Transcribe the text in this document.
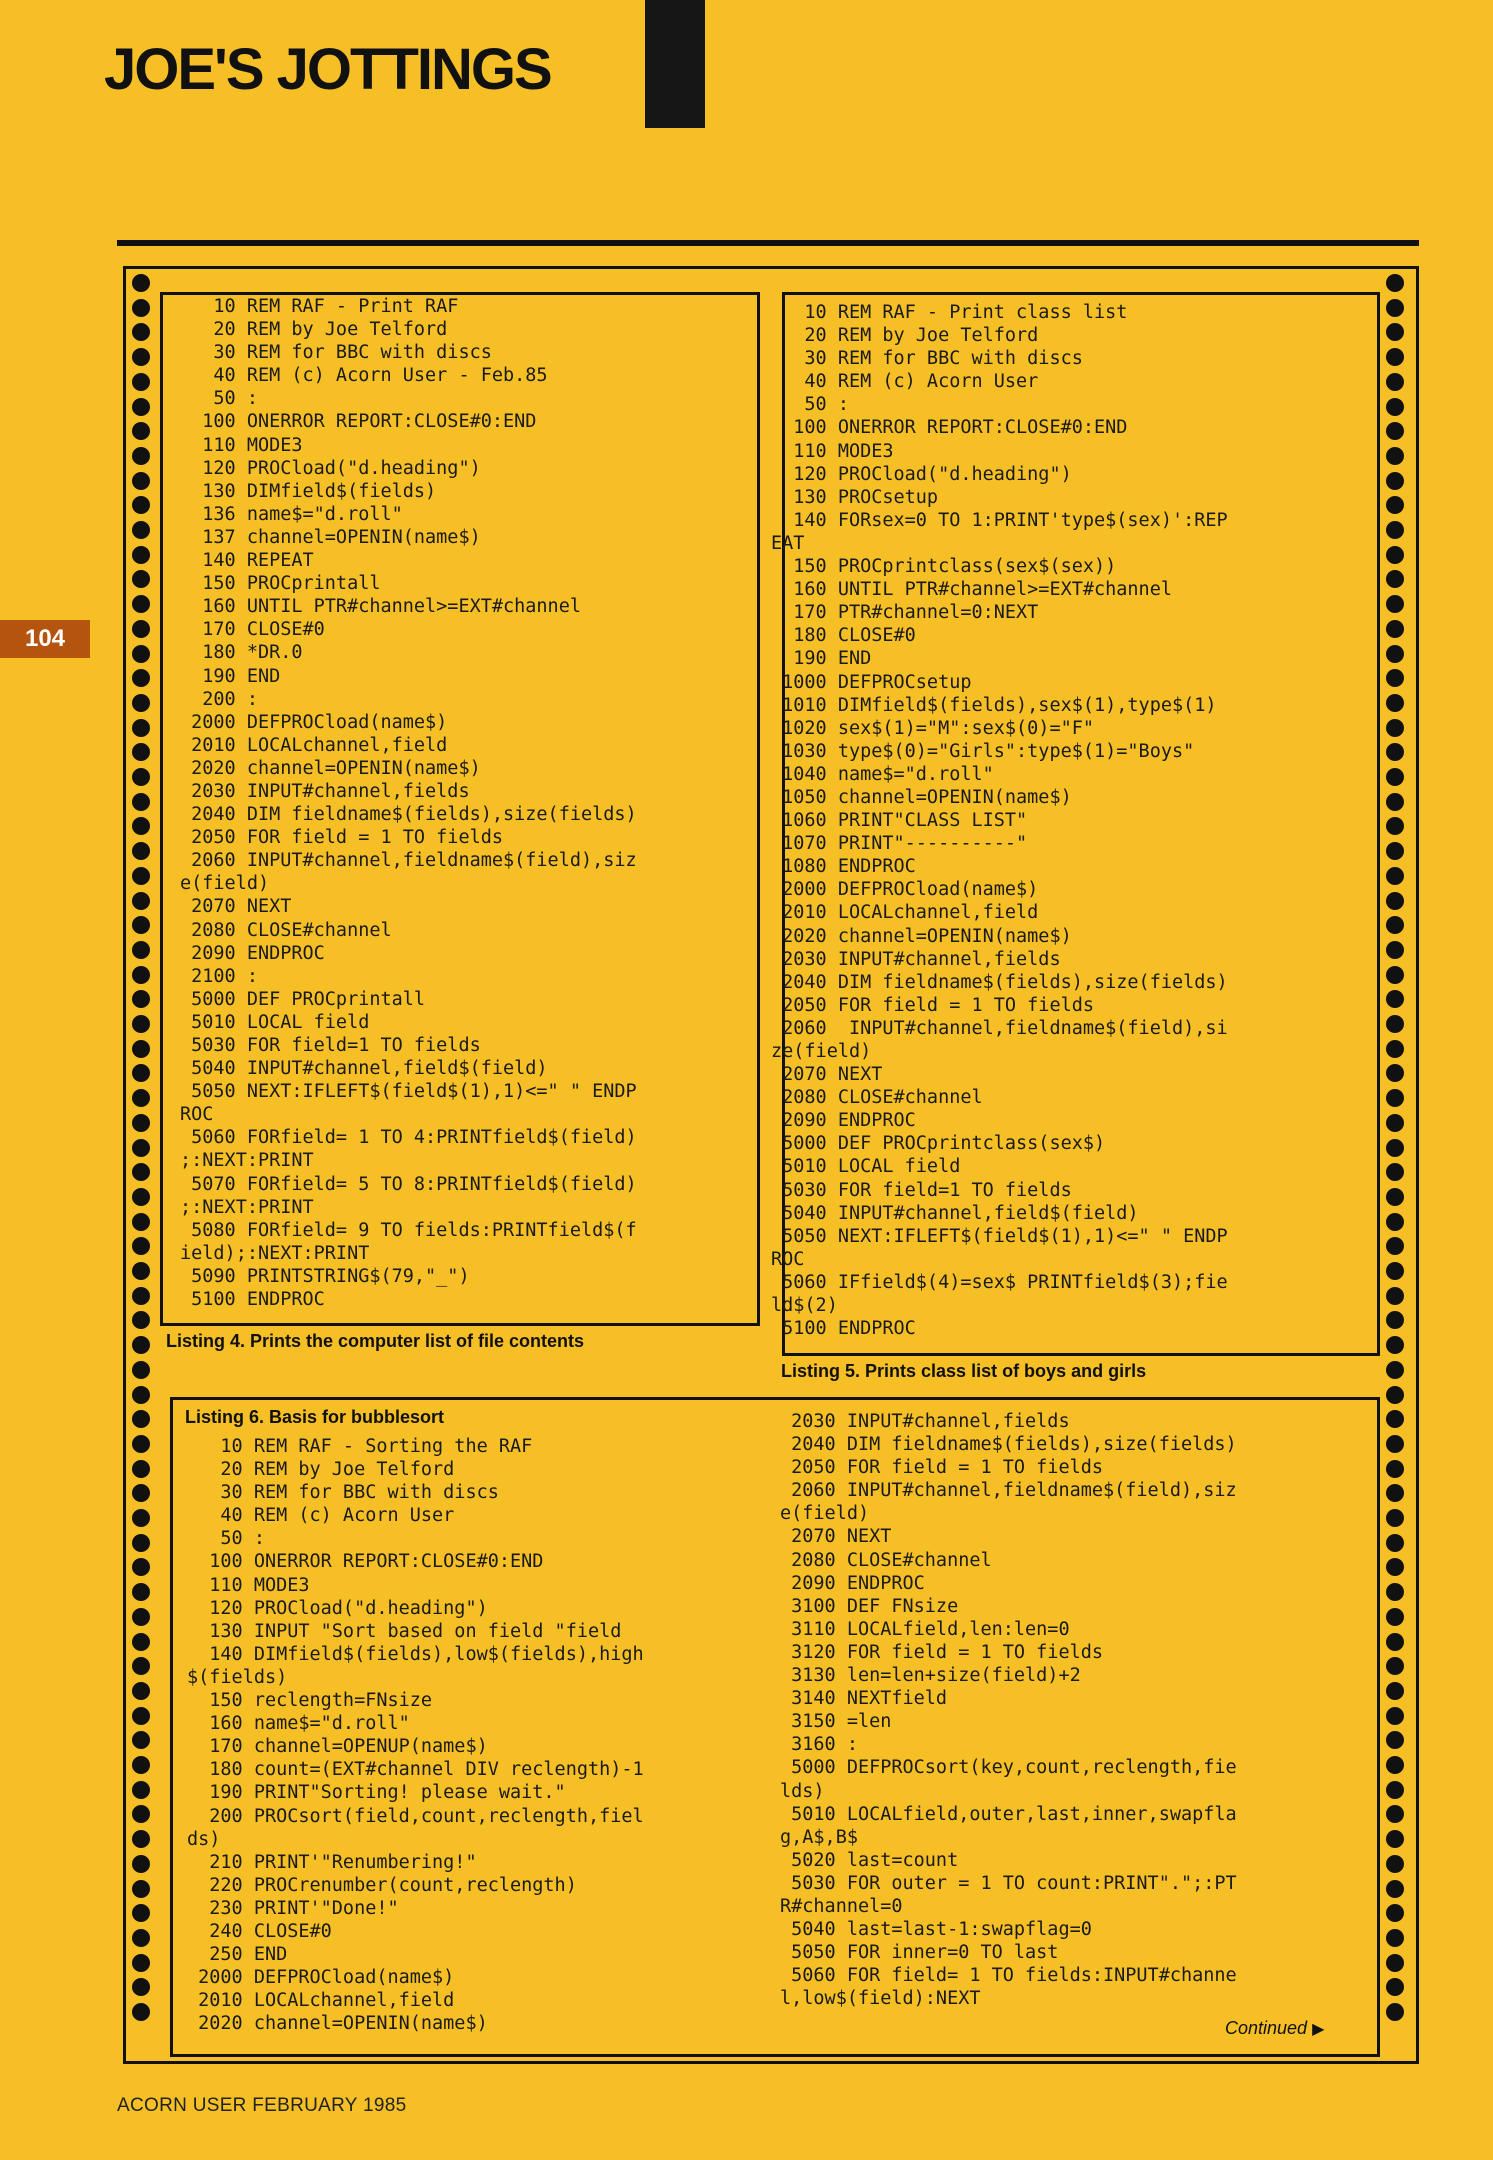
JOE'S JOTTINGS
104
10 REM RAF - Print RAF
20 REM by Joe Telford
30 REM for BBC with discs
40 REM (c) Acorn User - Feb.85
50 :
100 ONERROR REPORT:CLOSE#0:END
110 MODE3
120 PROCload("d.heading")
130 DIMfield$(fields)
136 name$="d.roll"
137 channel=OPENIN(name$)
140 REPEAT
150 PROCprintall
160 UNTIL PTR#channel>=EXT#channel
170 CLOSE#0
180 *DR.0
190 END
200 :
2000 DEFPROCload(name$)
2010 LOCALchannel,field
2020 channel=OPENIN(name$)
2030 INPUT#channel,fields
2040 DIM fieldname$(fields),size(fields)
2050 FOR field = 1 TO fields
2060 INPUT#channel,fieldname$(field),siz
e(field)
2070 NEXT
2080 CLOSE#channel
2090 ENDPROC
2100 :
5000 DEF PROCprintall
5010 LOCAL field
5030 FOR field=1 TO fields
5040 INPUT#channel,field$(field)
5050 NEXT:IFLEFT$(field$(1),1)<=" " ENDP
ROC
5060 FORfield= 1 TO 4:PRINTfield$(field)
;:NEXT:PRINT
5070 FORfield= 5 TO 8:PRINTfield$(field)
;:NEXT:PRINT
5080 FORfield= 9 TO fields:PRINTfield$(f
ield);:NEXT:PRINT
5090 PRINTSTRING$(79,"_")
5100 ENDPROC
Listing 4. Prints the computer list of file contents
10 REM RAF - Print class list
20 REM by Joe Telford
30 REM for BBC with discs
40 REM (c) Acorn User
50 :
100 ONERROR REPORT:CLOSE#0:END
110 MODE3
120 PROCload("d.heading")
130 PROCsetup
140 FORsex=0 TO 1:PRINT'type$(sex)':REP
EAT
150 PROCprintclass(sex$(sex))
160 UNTIL PTR#channel>=EXT#channel
170 PTR#channel=0:NEXT
180 CLOSE#0
190 END
1000 DEFPROCsetup
1010 DIMfield$(fields),sex$(1),type$(1)
1020 sex$(1)="M":sex$(0)="F"
1030 type$(0)="Girls":type$(1)="Boys"
1040 name$="d.roll"
1050 channel=OPENIN(name$)
1060 PRINT"CLASS LIST"
1070 PRINT"----------"
1080 ENDPROC
2000 DEFPROCload(name$)
2010 LOCALchannel,field
2020 channel=OPENIN(name$)
2030 INPUT#channel,fields
2040 DIM fieldname$(fields),size(fields)
2050 FOR field = 1 TO fields
2060  INPUT#channel,fieldname$(field),si
ze(field)
2070 NEXT
2080 CLOSE#channel
2090 ENDPROC
5000 DEF PROCprintclass(sex$)
5010 LOCAL field
5030 FOR field=1 TO fields
5040 INPUT#channel,field$(field)
5050 NEXT:IFLEFT$(field$(1),1)<=" " ENDP
ROC
5060 IFfield$(4)=sex$ PRINTfield$(3);fie
ld$(2)
5100 ENDPROC
Listing 5. Prints class list of boys and girls
Listing 6. Basis for bubblesort
10 REM RAF - Sorting the RAF
20 REM by Joe Telford
30 REM for BBC with discs
40 REM (c) Acorn User
50 :
100 ONERROR REPORT:CLOSE#0:END
110 MODE3
120 PROCload("d.heading")
130 INPUT "Sort based on field "field
140 DIMfield$(fields),low$(fields),high
$(fields)
150 reclength=FNsize
160 name$="d.roll"
170 channel=OPENUP(name$)
180 count=(EXT#channel DIV reclength)-1
190 PRINT"Sorting! please wait."
200 PROCsort(field,count,reclength,fiel
ds)
210 PRINT'"Renumbering!"
220 PROCrenumber(count,reclength)
230 PRINT'"Done!"
240 CLOSE#0
250 END
2000 DEFPROCload(name$)
2010 LOCALchannel,field
2020 channel=OPENIN(name$)
2030 INPUT#channel,fields
2040 DIM fieldname$(fields),size(fields)
2050 FOR field = 1 TO fields
2060 INPUT#channel,fieldname$(field),siz
e(field)
2070 NEXT
2080 CLOSE#channel
2090 ENDPROC
3100 DEF FNsize
3110 LOCALfield,len:len=0
3120 FOR field = 1 TO fields
3130 len=len+size(field)+2
3140 NEXTfield
3150 =len
3160 :
5000 DEFPROCsort(key,count,reclength,fie
lds)
5010 LOCALfield,outer,last,inner,swapfla
g,A$,B$
5020 last=count
5030 FOR outer = 1 TO count:PRINT".";:PT
R#channel=0
5040 last=last-1:swapflag=0
5050 FOR inner=0 TO last
5060 FOR field= 1 TO fields:INPUT#channe
l,low$(field):NEXT
Continued ▶
ACORN USER FEBRUARY 1985
